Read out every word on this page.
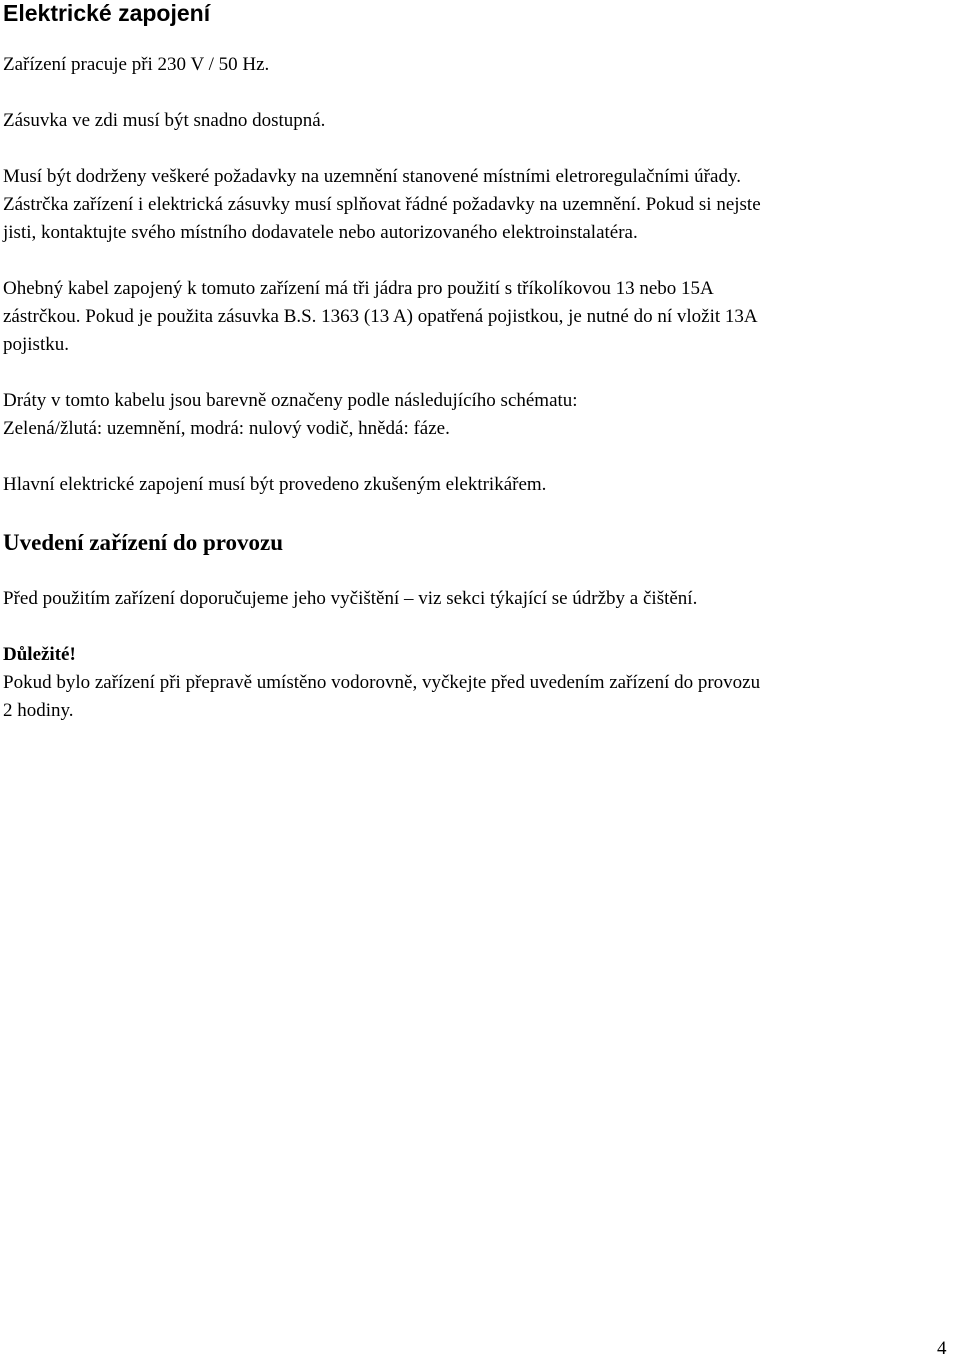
Elektrické zapojení

Zařízení pracuje při 230 V / 50 Hz.

Zásuvka ve zdi musí být snadno dostupná.

Musí být dodrženy veškeré požadavky na uzemnění stanovené místními eletroregulačními úřady.

Zástrčka zařízení i elektrická zásuvky musí splňovat řádné požadavky na uzemnění. Pokud si nejste

jisti, kontaktujte svého místního dodavatele nebo autorizovaného elektroinstalatéra.

Ohebný kabel zapojený k tomuto zařízení má tři jádra pro použití s tříkolíkovou 13 nebo 15A

zástrčkou. Pokud je použita zásuvka B.S. 1363 (13 A) opatřená pojistkou, je nutné do ní vložit 13A

pojistku.

Dráty v tomto kabelu jsou barevně označeny podle následujícího schématu:

Zelená/žlutá: uzemnění, modrá: nulový vodič, hnědá: fáze.

Hlavní elektrické zapojení musí být provedeno zkušeným elektrikářem.

Uvedení zařízení do provozu

Před použitím zařízení doporučujeme jeho vyčištění – viz sekci týkající se údržby a čištění.

Důležité!

Pokud bylo zařízení při přepravě umístěno vodorovně, vyčkejte před uvedením zařízení do provozu

2 hodiny.

4
